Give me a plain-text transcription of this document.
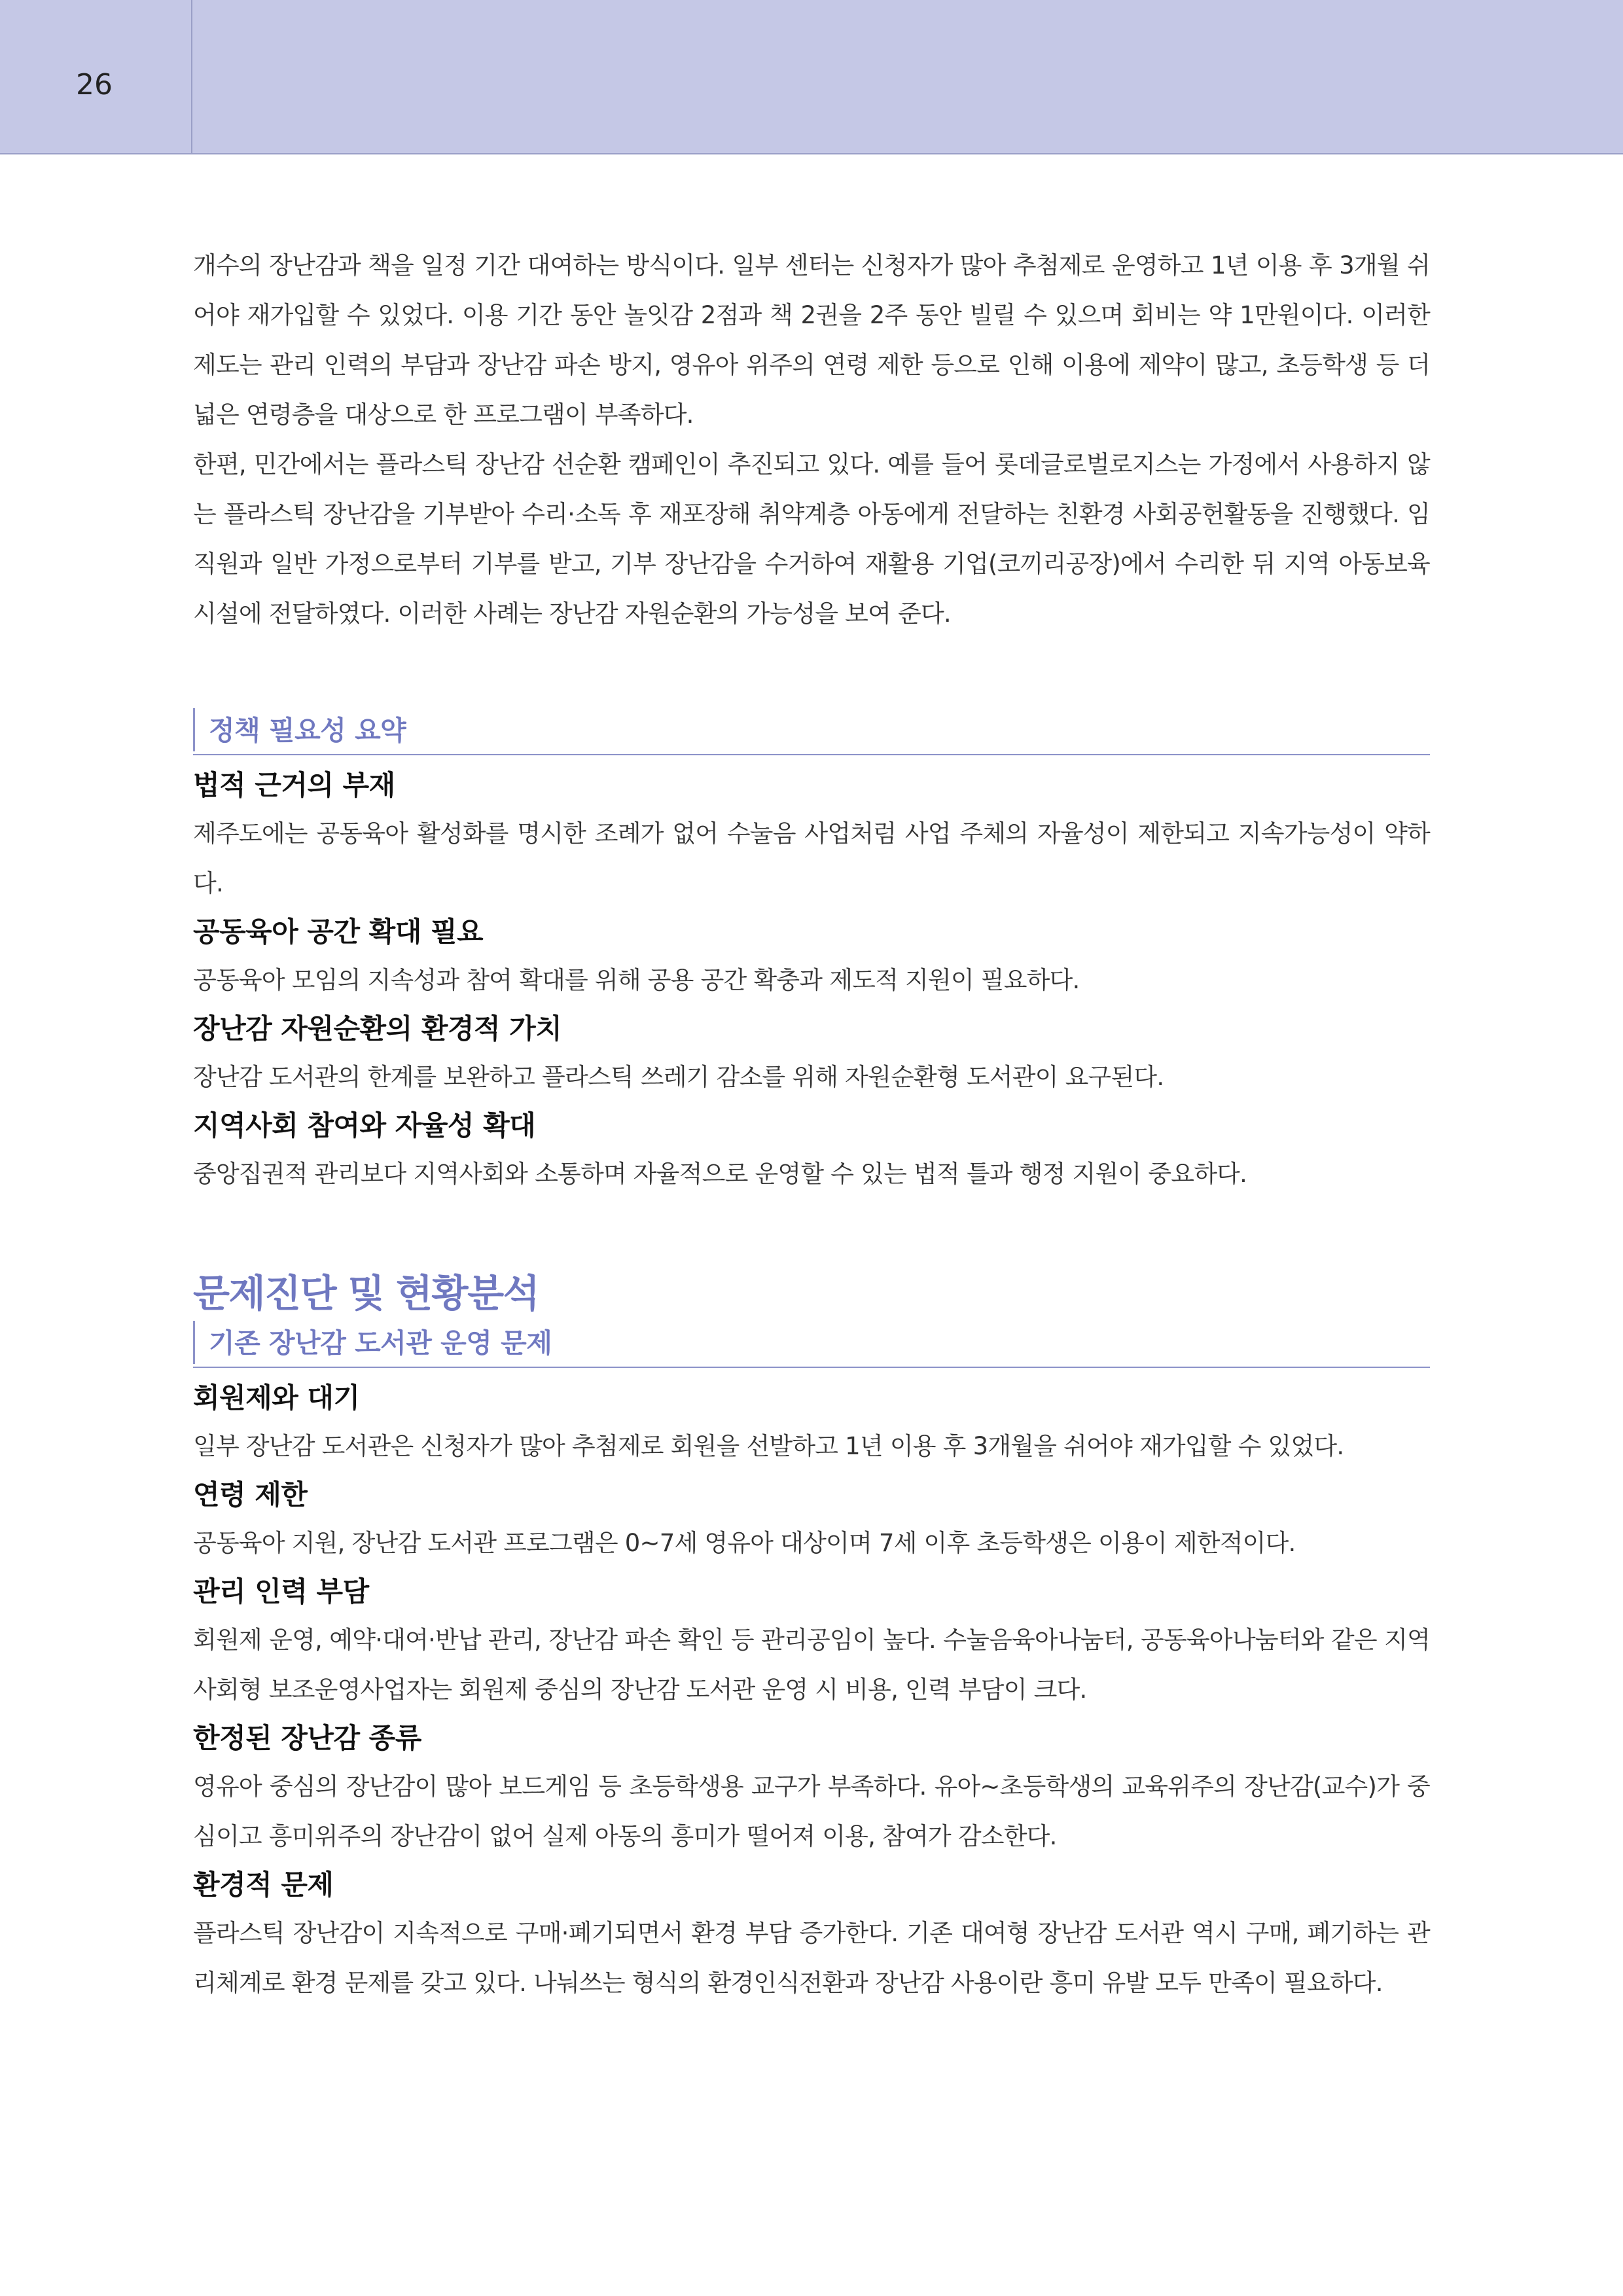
26

개수의 장난감과 책을 일정 기간 대여하는 방식이다. 일부 센터는 신청자가 많아 추첨제로 운영하고 1년 이용 후 3개월 쉬어야 재가입할 수 있었다. 이용 기간 동안 놀잇감 2점과 책 2권을 2주 동안 빌릴 수 있으며 회비는 약 1만원이다. 이러한 제도는 관리 인력의 부담과 장난감 파손 방지, 영유아 위주의 연령 제한 등으로 인해 이용에 제약이 많고, 초등학생 등 더 넓은 연령층을 대상으로 한 프로그램이 부족하다.

한편, 민간에서는 플라스틱 장난감 선순환 캠페인이 추진되고 있다. 예를 들어 롯데글로벌로지스는 가정에서 사용하지 않는 플라스틱 장난감을 기부받아 수리·소독 후 재포장해 취약계층 아동에게 전달하는 친환경 사회공헌활동을 진행했다. 임직원과 일반 가정으로부터 기부를 받고, 기부 장난감을 수거하여 재활용 기업(코끼리공장)에서 수리한 뒤 지역 아동보육시설에 전달하였다. 이러한 사례는 장난감 자원순환의 가능성을 보여 준다.

정책 필요성 요약

법적 근거의 부재

제주도에는 공동육아 활성화를 명시한 조례가 없어 수눌음 사업처럼 사업 주체의 자율성이 제한되고 지속가능성이 약하다.

공동육아 공간 확대 필요

공동육아 모임의 지속성과 참여 확대를 위해 공용 공간 확충과 제도적 지원이 필요하다.

장난감 자원순환의 환경적 가치

장난감 도서관의 한계를 보완하고 플라스틱 쓰레기 감소를 위해 자원순환형 도서관이 요구된다.

지역사회 참여와 자율성 확대

중앙집권적 관리보다 지역사회와 소통하며 자율적으로 운영할 수 있는 법적 틀과 행정 지원이 중요하다.

문제진단 및 현황분석
기존 장난감 도서관 운영 문제

회원제와 대기

일부 장난감 도서관은 신청자가 많아 추첨제로 회원을 선발하고 1년 이용 후 3개월을 쉬어야 재가입할 수 있었다.

연령 제한

공동육아 지원, 장난감 도서관 프로그램은 0~7세 영유아 대상이며 7세 이후 초등학생은 이용이 제한적이다.

관리 인력 부담

회원제 운영, 예약·대여·반납 관리, 장난감 파손 확인 등 관리공임이 높다. 수눌음육아나눔터, 공동육아나눔터와 같은 지역사회형 보조운영사업자는 회원제 중심의 장난감 도서관 운영 시 비용, 인력 부담이 크다.

한정된 장난감 종류

영유아 중심의 장난감이 많아 보드게임 등 초등학생용 교구가 부족하다. 유아~초등학생의 교육위주의 장난감(교수)가 중심이고 흥미위주의 장난감이 없어 실제 아동의 흥미가 떨어져 이용, 참여가 감소한다.

환경적 문제

플라스틱 장난감이 지속적으로 구매·폐기되면서 환경 부담 증가한다. 기존 대여형 장난감 도서관 역시 구매, 폐기하는 관리체계로 환경 문제를 갖고 있다. 나눠쓰는 형식의 환경인식전환과 장난감 사용이란 흥미 유발 모두 만족이 필요하다.
